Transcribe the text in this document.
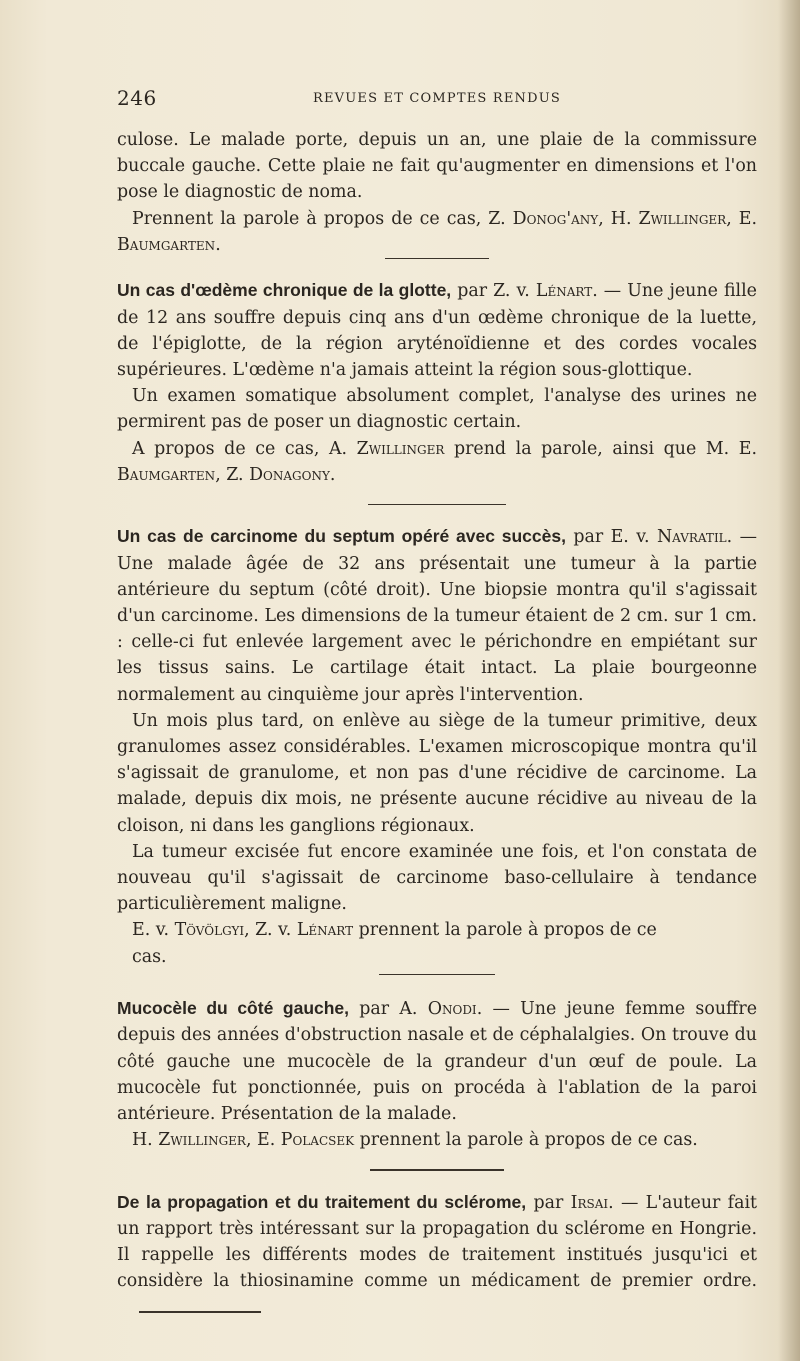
246	REVUES ET COMPTES RENDUS

culose. Le malade porte, depuis un an, une plaie de la commissure buccale gauche. Cette plaie ne fait qu'augmenter en dimensions et l'on pose le diagnostic de noma.

Prennent la parole à propos de ce cas, Z. Donog'any, H. Zwillinger, E. Baumgarten.

Un cas d'œdème chronique de la glotte, par Z. v. Lénart. — Une jeune fille de 12 ans souffre depuis cinq ans d'un œdème chronique de la luette, de l'épiglotte, de la région aryténoïdienne et des cordes vocales supérieures. L'œdème n'a jamais atteint la région sous-glottique.

Un examen somatique absolument complet, l'analyse des urines ne permirent pas de poser un diagnostic certain.

A propos de ce cas, A. Zwillinger prend la parole, ainsi que M. E. Baumgarten, Z. Donagony.

Un cas de carcinome du septum opéré avec succès, par E. v. Navratil. — Une malade âgée de 32 ans présentait une tumeur à la partie antérieure du septum (côté droit). Une biopsie montra qu'il s'agissait d'un carcinome. Les dimensions de la tumeur étaient de 2 cm. sur 1 cm. : celle-ci fut enlevée largement avec le périchondre en empiétant sur les tissus sains. Le cartilage était intact. La plaie bourgeonne normalement au cinquième jour après l'intervention.

Un mois plus tard, on enlève au siège de la tumeur primitive, deux granulomes assez considérables. L'examen microscopique montra qu'il s'agissait de granulome, et non pas d'une récidive de carcinome. La malade, depuis dix mois, ne présente aucune récidive au niveau de la cloison, ni dans les ganglions régionaux.

La tumeur excisée fut encore examinée une fois, et l'on constata de nouveau qu'il s'agissait de carcinome baso-cellulaire à tendance particulièrement maligne.

E. v. Tövölgyi, Z. v. Lénart prennent la parole à propos de ce
cas.

Mucocèle du côté gauche, par A. Onodi. — Une jeune femme souffre depuis des années d'obstruction nasale et de céphalalgies. On trouve du côté gauche une mucocèle de la grandeur d'un œuf de poule. La mucocèle fut ponctionnée, puis on procéda à l'ablation de la paroi antérieure. Présentation de la malade.

H. Zwillinger, E. Polacsek prennent la parole à propos de ce cas.

De la propagation et du traitement du sclérome, par Irsai. — L'auteur fait un rapport très intéressant sur la propagation du sclérome en Hongrie. Il rappelle les différents modes de traitement institués jusqu'ici et considère la thiosinamine comme un médicament de premier ordre.
